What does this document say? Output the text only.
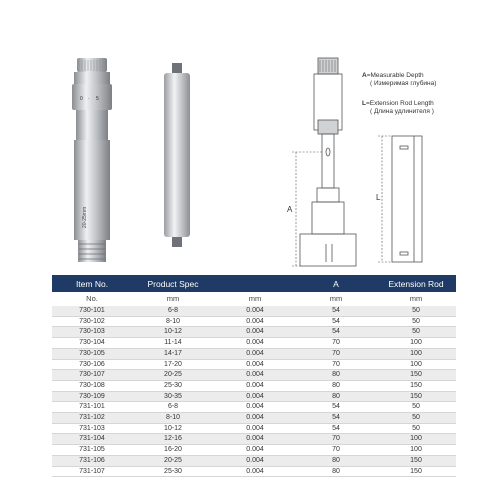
0 · 5
20-25mm	A
L
A=Measurable Depth
( Измеримая глубина)
L=Extension Rod Length
( Длина удлинителя )
Item No.	Product Spec		A	Extension Rod
No.	mm	mm	mm	mm
730-101	6-8	0.004	54	50
730-102	8-10	0.004	54	50
730-103	10-12	0.004	54	50
730-104	11-14	0.004	70	100
730-105	14-17	0.004	70	100
730-106	17-20	0.004	70	100
730-107	20-25	0.004	80	150
730-108	25-30	0.004	80	150
730-109	30-35	0.004	80	150
731-101	6-8	0.004	54	50
731-102	8-10	0.004	54	50
731-103	10-12	0.004	54	50
731-104	12-16	0.004	70	100
731-105	16-20	0.004	70	100
731-106	20-25	0.004	80	150
731-107	25-30	0.004	80	150
